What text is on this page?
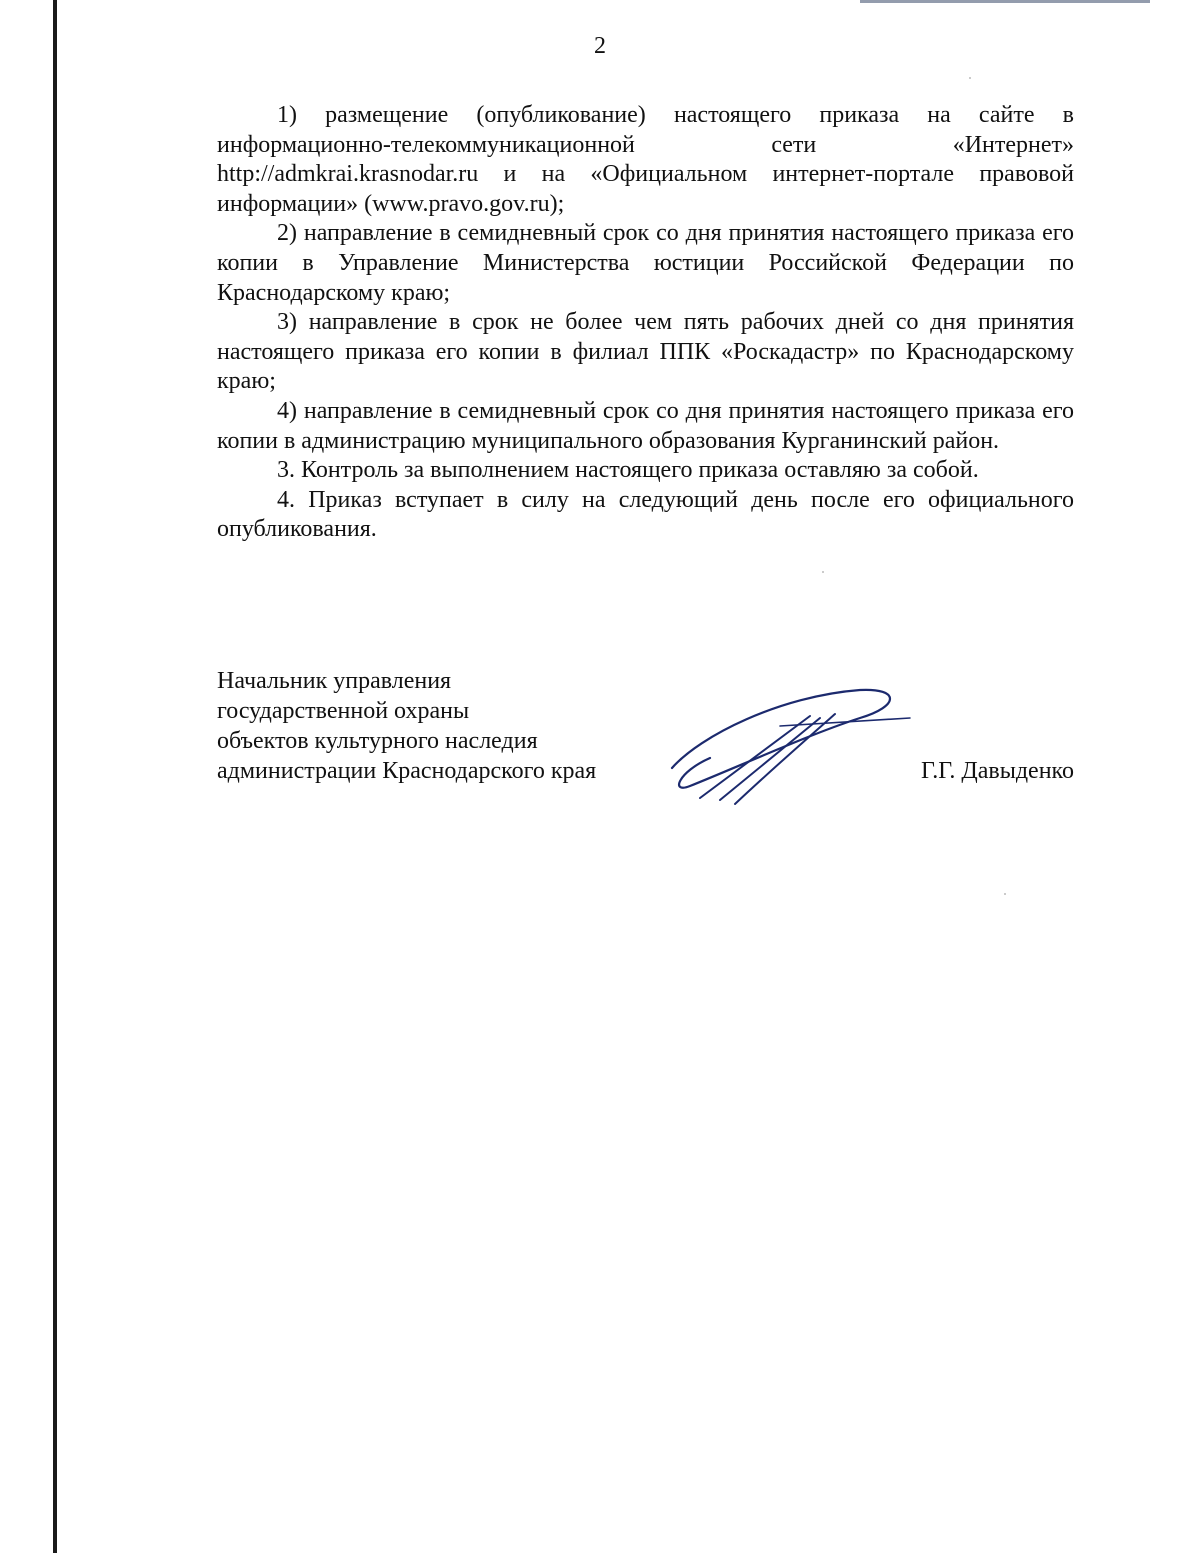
2

1) размещение (опубликование) настоящего приказа на сайте в информационно-телекоммуникационной сети «Интернет» http://admkrai.krasnodar.ru и на «Официальном интернет-портале правовой информации» (www.pravo.gov.ru);

2) направление в семидневный срок со дня принятия настоящего приказа его копии в Управление Министерства юстиции Российской Федерации по Краснодарскому краю;

3) направление в срок не более чем пять рабочих дней со дня принятия настоящего приказа его копии в филиал ППК «Роскадастр» по Краснодарскому краю;

4) направление в семидневный срок со дня принятия настоящего приказа его копии в администрацию муниципального образования Курганинский район.

3. Контроль за выполнением настоящего приказа оставляю за собой.

4. Приказ вступает в силу на следующий день после его официального опубликования.

Начальник управления
государственной охраны
объектов культурного наследия
администрации Краснодарского края	Г.Г. Давыденко
